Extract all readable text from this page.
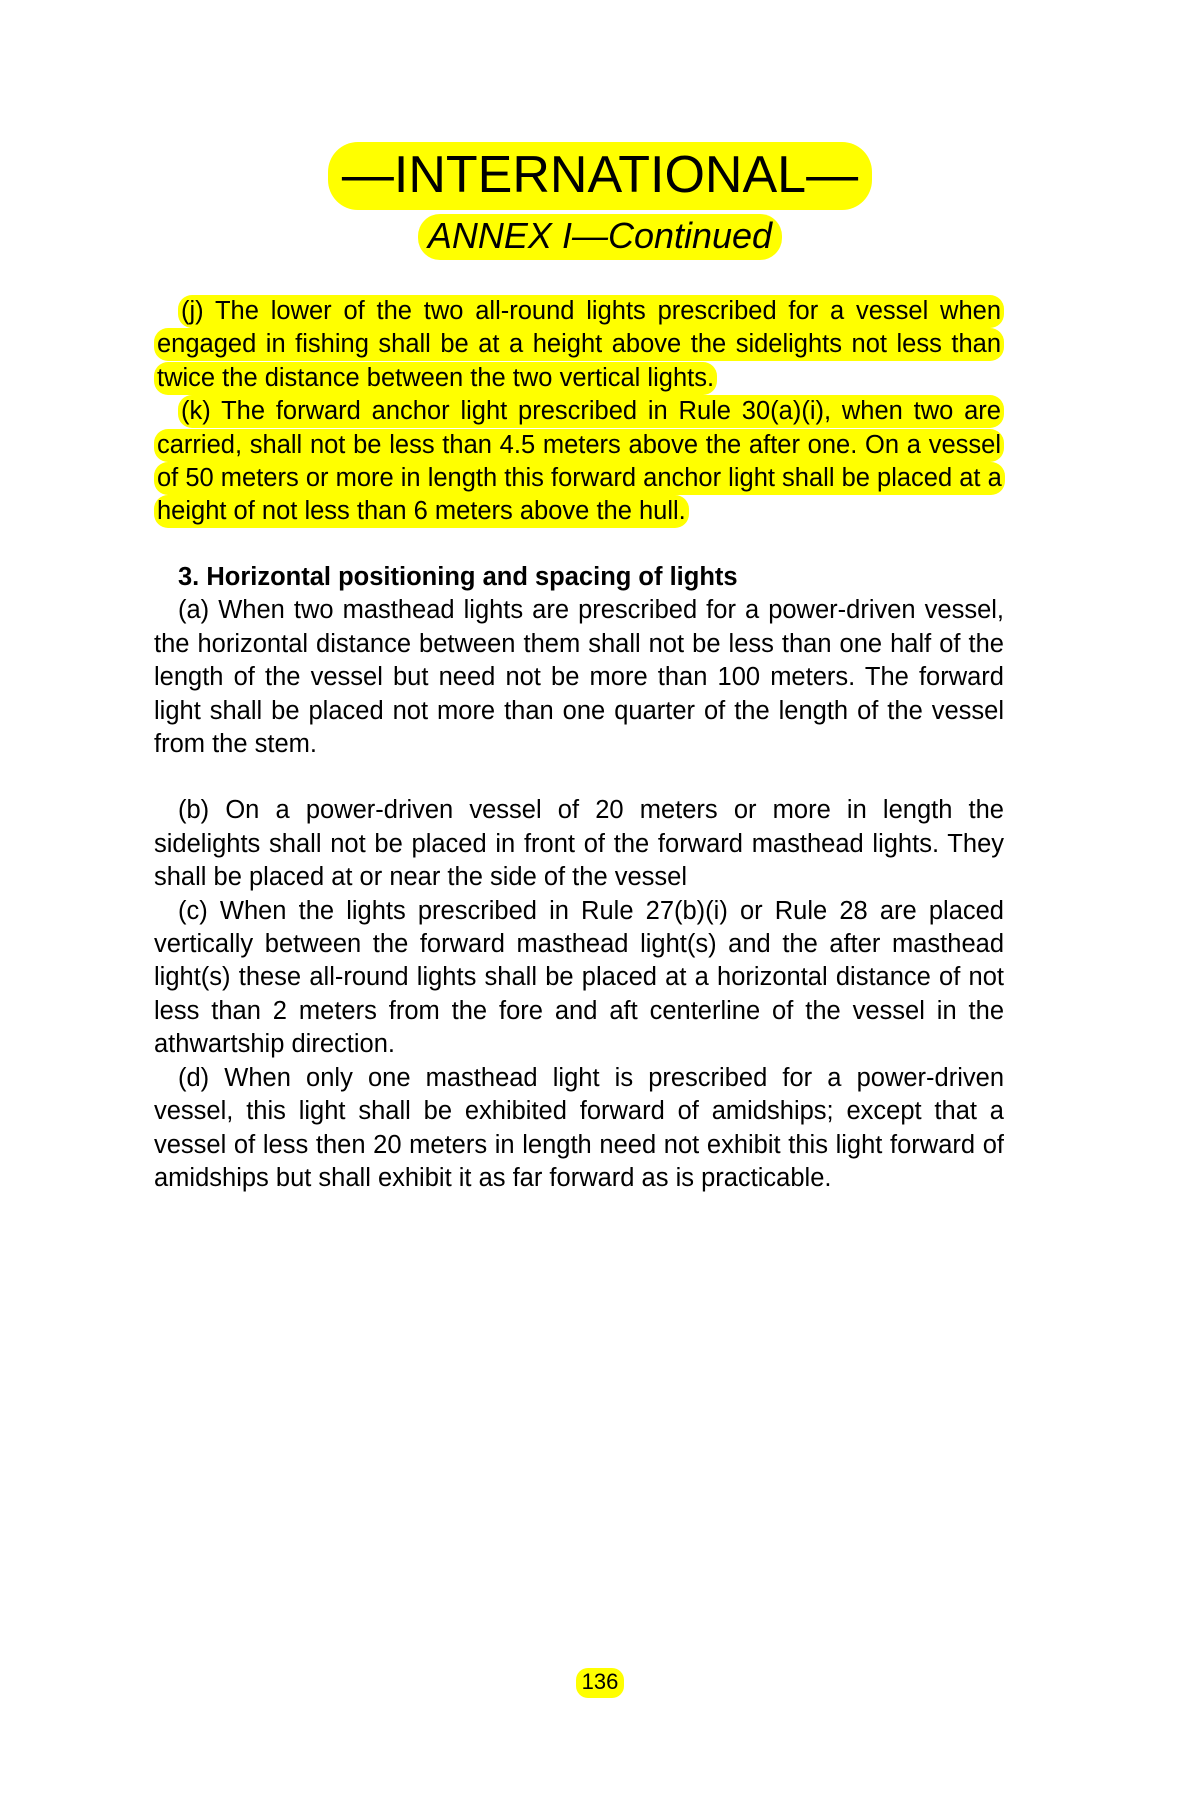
—INTERNATIONAL—
ANNEX I—Continued

(j) The lower of the two all-round lights prescribed for a vessel when engaged in fishing shall be at a height above the sidelights not less than twice the distance between the two vertical lights.

(k) The forward anchor light prescribed in Rule 30(a)(i), when two are carried, shall not be less than 4.5 meters above the after one. On a vessel of 50 meters or more in length this forward anchor light shall be placed at a height of not less than 6 meters above the hull.

3. Horizontal positioning and spacing of lights

(a) When two masthead lights are prescribed for a power-driven vessel, the horizontal distance between them shall not be less than one half of the length of the vessel but need not be more than 100 meters. The forward light shall be placed not more than one quarter of the length of the vessel from the stem.

(b) On a power-driven vessel of 20 meters or more in length the sidelights shall not be placed in front of the forward masthead lights. They shall be placed at or near the side of the vessel

(c) When the lights prescribed in Rule 27(b)(i) or Rule 28 are placed vertically between the forward masthead light(s) and the after masthead light(s) these all-round lights shall be placed at a horizontal distance of not less than 2 meters from the fore and aft centerline of the vessel in the athwartship direction.

(d) When only one masthead light is prescribed for a power-driven vessel, this light shall be exhibited forward of amidships; except that a vessel of less then 20 meters in length need not exhibit this light forward of amidships but shall exhibit it as far forward as is practicable.

136
